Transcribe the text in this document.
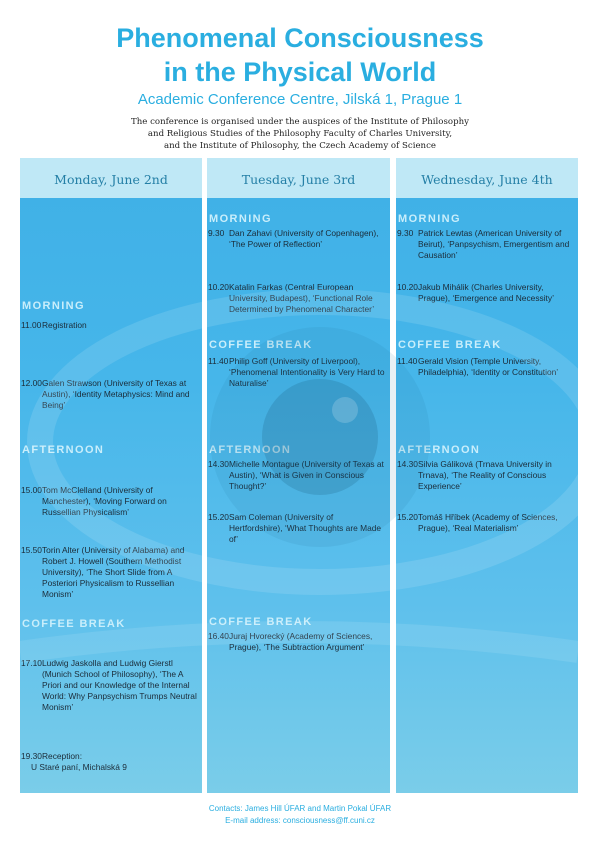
Phenomenal Consciousness
in the Physical World

Academic Conference Centre, Jilská 1, Prague 1

The conference is organised under the auspices of the Institute of Philosophy
and Religious Studies of the Philosophy Faculty of Charles University,
and the Institute of Philosophy, the Czech Academy of Science
Monday, June 2nd
MORNING
11.00 Registration
12.00 Galen Strawson (University of Texas at Austin), ‘Identity Metaphysics: Mind and Being’
AFTERNOON
15.00 Tom McClelland (University of Manchester), ‘Moving Forward on Russellian Physicalism’
15.50 Torin Alter (University of Alabama) and Robert J. Howell (Southern Methodist University), ‘The Short Slide from A Posteriori Physicalism to Russellian Monism’
COFFEE BREAK
17.10 Ludwig Jaskolla and Ludwig Gierstl (Munich School of Philosophy), ‘The A Priori and our Knowledge of the Internal World: Why Panpsychism Trumps Neutral Monism’
19.30 Reception:
U Staré paní, Michalská 9
Tuesday, June 3rd
MORNING
9.30 Dan Zahavi (University of Copenhagen), ‘The Power of Reflection’
10.20 Katalin Farkas (Central European University, Budapest), ‘Functional Role Determined by Phenomenal Character’
COFFEE BREAK
11.40 Philip Goff (University of Liverpool), ‘Phenomenal Intentionality is Very Hard to Naturalise’
AFTERNOON
14.30 Michelle Montague (University of Texas at Austin), ‘What is Given in Conscious Thought?’
15.20 Sam Coleman (University of Hertfordshire), ‘What Thoughts are Made of’
COFFEE BREAK
16.40 Juraj Hvorecký (Academy of Sciences, Prague), ‘The Subtraction Argument’
Wednesday, June 4th
MORNING
9.30 Patrick Lewtas (American University of Beirut), ‘Panpsychism, Emergentism and Causation’
10.20 Jakub Mihálik (Charles University, Prague), ‘Emergence and Necessity’
COFFEE BREAK
11.40 Gerald Vision (Temple University, Philadelphia), ‘Identity or Constitution’
AFTERNOON
14.30 Silvia Gáliková (Trnava University in Trnava), ‘The Reality of Conscious Experience’
15.20 Tomáš Hříbek (Academy of Sciences, Prague), ‘Real Materialism’

Contacts: James Hill ÚFAR and Martin Pokal ÚFAR

E-mail address: consciousness@ff.cuni.cz
